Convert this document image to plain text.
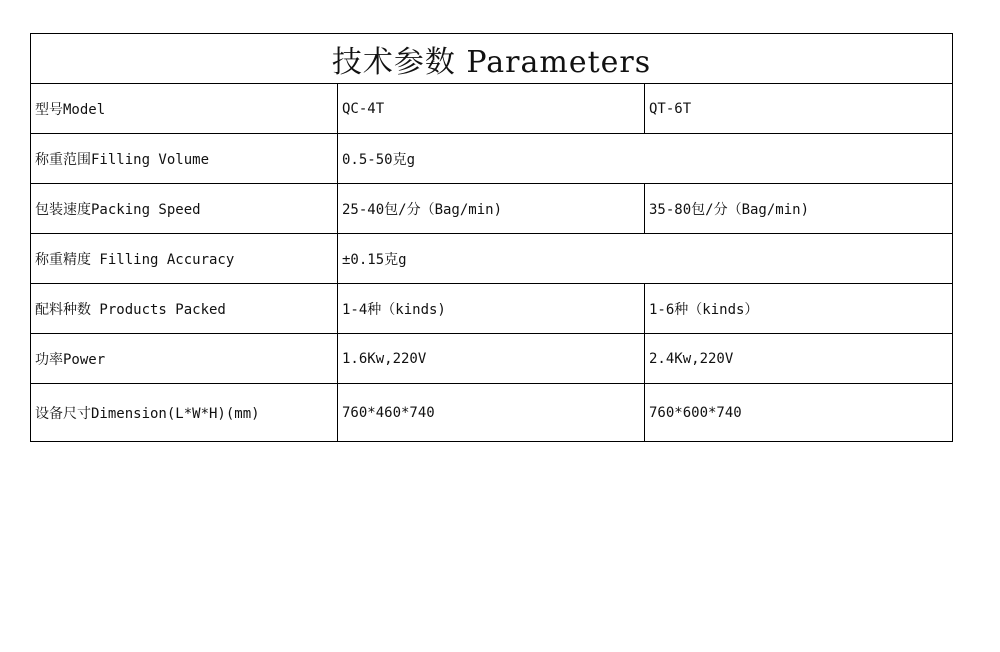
技术参数 Parameters		
型号Model	QC-4T	QT-6T
称重范围Filling Volume	0.5-50克g	
包装速度Packing Speed	25-40包/分（Bag/min)	35-80包/分（Bag/min)
称重精度 Filling Accuracy	±0.15克g	
配料种数 Products Packed	1-4种（kinds)	1-6种（kinds）
功率Power	1.6Kw,220V	2.4Kw,220V
设备尺寸Dimension(L*W*H)(mm)	760*460*740	760*600*740
